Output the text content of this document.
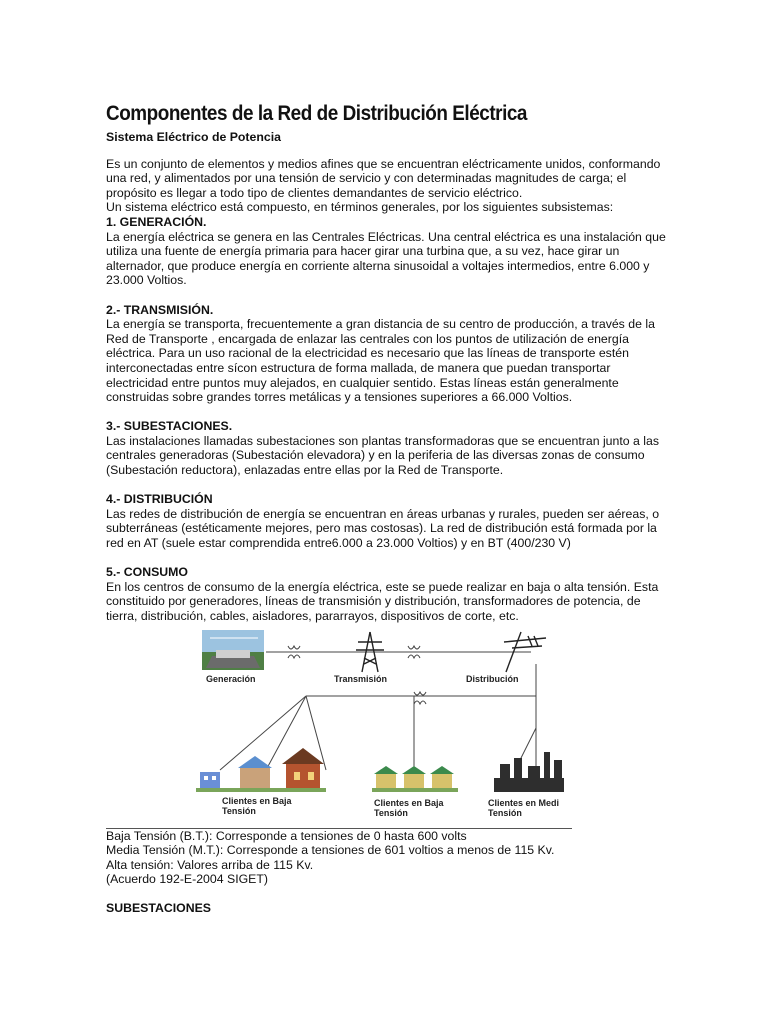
Componentes de la Red de Distribución Eléctrica
Sistema Eléctrico de Potencia

Es un conjunto de elementos y medios afines que se encuentran eléctricamente unidos, conformando una red, y alimentados por una tensión de servicio y con determinadas magnitudes de carga; el propósito es llegar a todo tipo de clientes demandantes de servicio eléctrico.

Un sistema eléctrico está compuesto, en términos generales, por los siguientes subsistemas:

1. GENERACIÓN.

La energía eléctrica se genera en las Centrales Eléctricas. Una central eléctrica es una instalación que utiliza una fuente de energía primaria para hacer girar una turbina que, a su vez, hace girar un alternador, que produce energía en corriente alterna sinusoidal a voltajes intermedios, entre 6.000 y 23.000 Voltios.

2.- TRANSMISIÓN.

La energía se transporta, frecuentemente a gran distancia de su centro de producción, a través de la Red de Transporte , encargada de enlazar las centrales con los puntos de utilización de energía eléctrica. Para un uso racional de la electricidad es necesario que las líneas de transporte estén interconectadas entre sícon estructura de forma mallada, de manera que puedan transportar electricidad entre puntos muy alejados, en cualquier sentido. Estas líneas están generalmente construidas sobre grandes torres metálicas y a tensiones superiores a 66.000 Voltios.

3.- SUBESTACIONES.

Las instalaciones llamadas subestaciones son plantas transformadoras que se encuentran junto a las centrales generadoras (Subestación elevadora) y en la periferia de las diversas zonas de consumo (Subestación reductora), enlazadas entre ellas por la Red de Transporte.

4.- DISTRIBUCIÓN

Las redes de distribución de energía se encuentran en áreas urbanas y rurales, pueden ser aéreas, o subterráneas (estéticamente mejores, pero mas costosas). La red de distribución está formada por la red en AT (suele estar comprendida entre6.000 a 23.000 Voltios) y en BT (400/230 V)

5.- CONSUMO

En los centros de consumo de la energía eléctrica, este se puede realizar en baja o alta tensión. Esta constituido por generadores, líneas de transmisión y distribución, transformadores de potencia, de tierra, distribución, cables, aisladores, pararrayos, dispositivos de corte, etc.

Generación	Transmisión	Distribución
Clientes en Baja
Tensión
Clientes en Baja
Tensión
Clientes en Medi
Tensión

Baja Tensión (B.T.): Corresponde a tensiones de 0 hasta 600 volts

Media Tensión (M.T.): Corresponde a tensiones de 601 voltios a menos de 115 Kv.

Alta tensión: Valores arriba de 115 Kv.

(Acuerdo 192-E-2004 SIGET)

SUBESTACIONES
